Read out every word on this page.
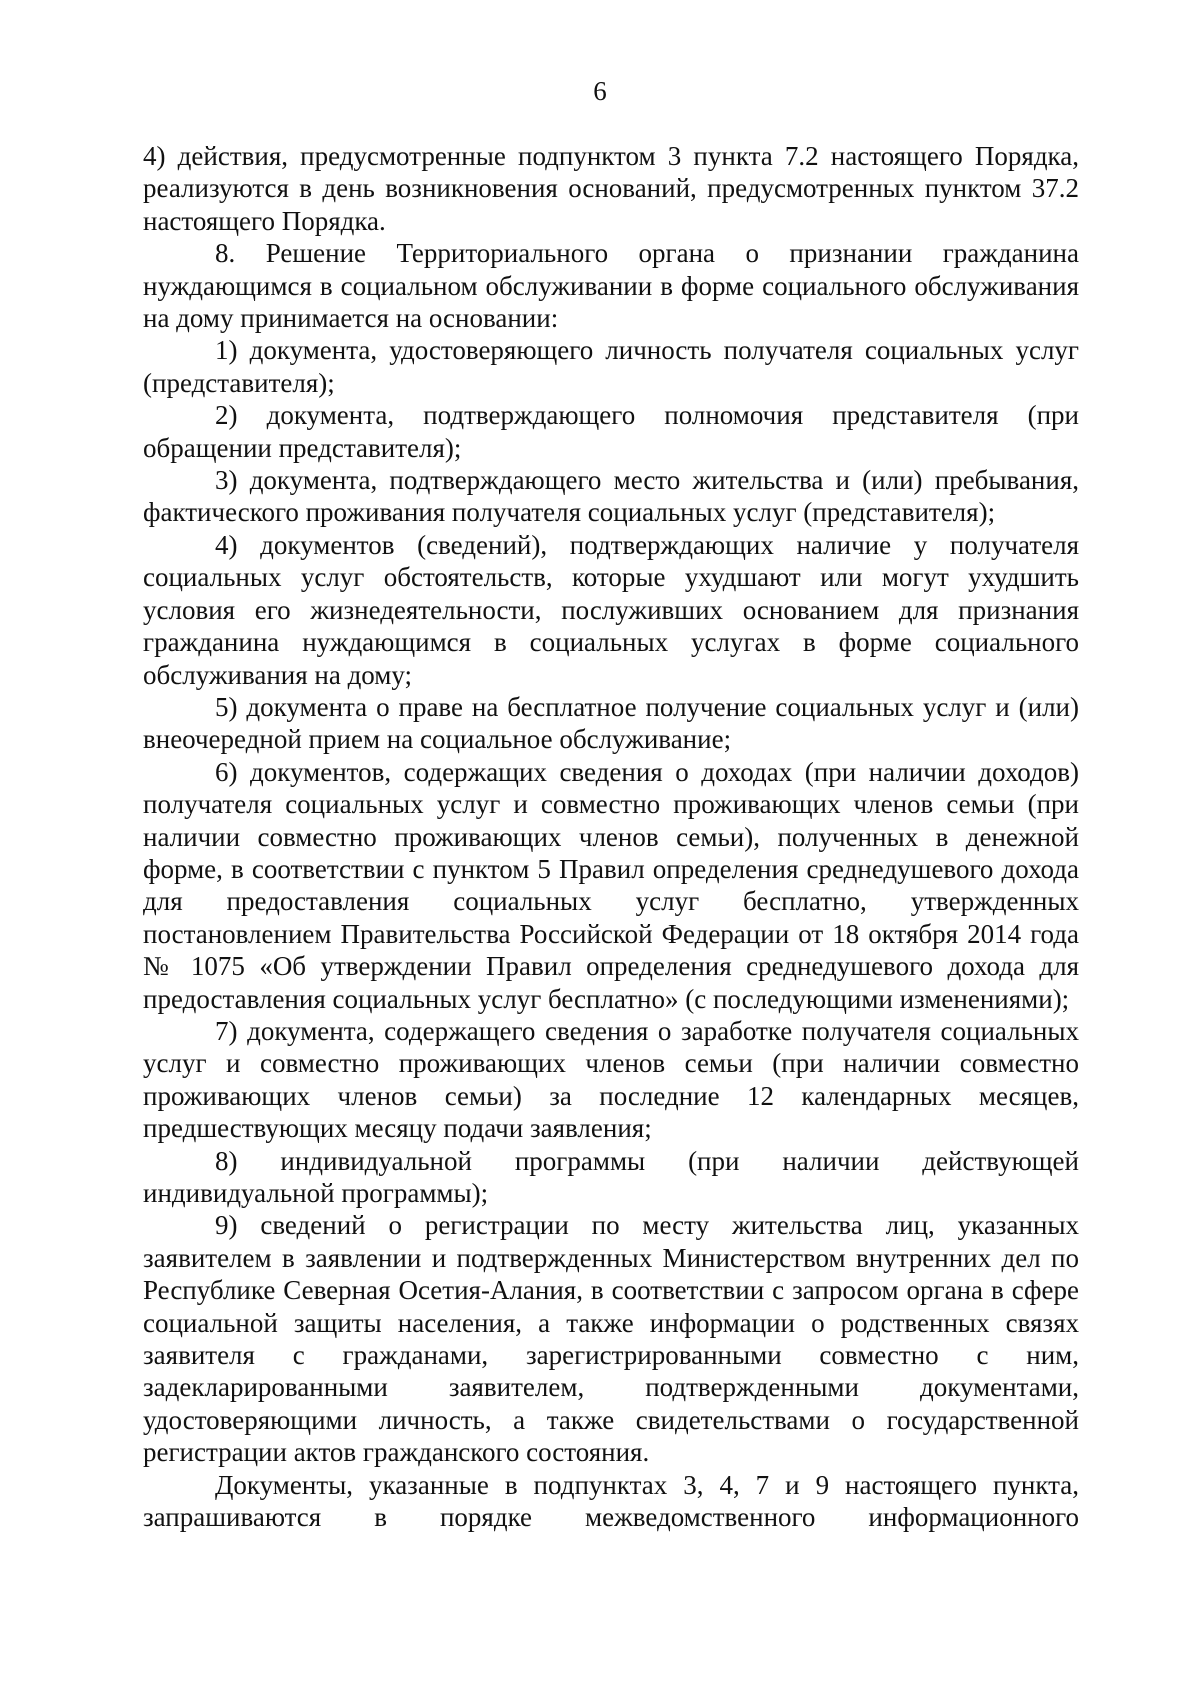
6

4) действия, предусмотренные подпунктом 3 пункта 7.2 настоящего Порядка, реализуются в день возникновения оснований, предусмотренных пунктом 37.2 настоящего Порядка.

8. Решение Территориального органа о признании гражданина нуждающимся в социальном обслуживании в форме социального обслуживания на дому принимается на основании:

1) документа, удостоверяющего личность получателя социальных услуг (представителя);

2) документа, подтверждающего полномочия представителя (при обращении представителя);

3) документа, подтверждающего место жительства и (или) пребывания, фактического проживания получателя социальных услуг (представителя);

4) документов (сведений), подтверждающих наличие у получателя социальных услуг обстоятельств, которые ухудшают или могут ухудшить условия его жизнедеятельности, послуживших основанием для признания гражданина нуждающимся в социальных услугах в форме социального обслуживания на дому;

5) документа о праве на бесплатное получение социальных услуг и (или) внеочередной прием на социальное обслуживание;

6) документов, содержащих сведения о доходах (при наличии доходов) получателя социальных услуг и совместно проживающих членов семьи (при наличии совместно проживающих членов семьи), полученных в денежной форме, в соответствии с пунктом 5 Правил определения среднедушевого дохода для предоставления социальных услуг бесплатно, утвержденных постановлением Правительства Российской Федерации от 18 октября 2014 года № 1075 «Об утверждении Правил определения среднедушевого дохода для предоставления социальных услуг бесплатно» (с последующими изменениями);

7) документа, содержащего сведения о заработке получателя социальных услуг и совместно проживающих членов семьи (при наличии совместно проживающих членов семьи) за последние 12 календарных месяцев, предшествующих месяцу подачи заявления;

8) индивидуальной программы (при наличии действующей индивидуальной программы);

9) сведений о регистрации по месту жительства лиц, указанных заявителем в заявлении и подтвержденных Министерством внутренних дел по Республике Северная Осетия-Алания, в соответствии с запросом органа в сфере социальной защиты населения, а также информации о родственных связях заявителя с гражданами, зарегистрированными совместно с ним, задекларированными заявителем, подтвержденными документами, удостоверяющими личность, а также свидетельствами о государственной регистрации актов гражданского состояния.

Документы, указанные в подпунктах 3, 4, 7 и 9 настоящего пункта, запрашиваются в порядке межведомственного информационного
